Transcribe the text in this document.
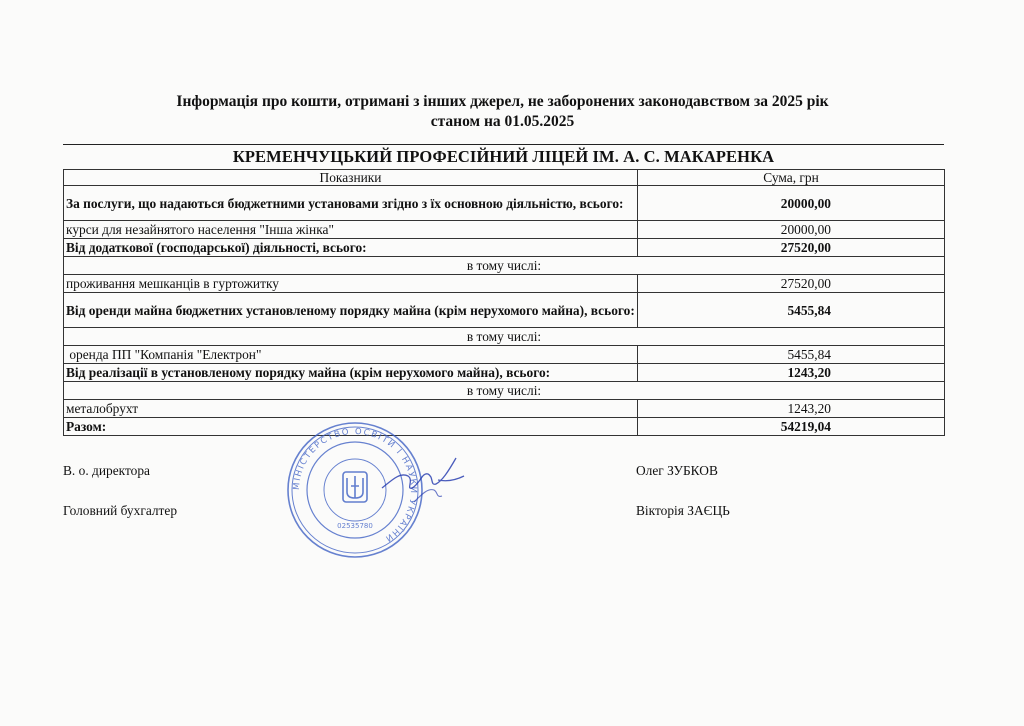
Інформація про кошти, отримані з інших джерел, не заборонених законодавством за 2025 рік
станом на 01.05.2025
КРЕМЕНЧУЦЬКИЙ ПРОФЕСІЙНИЙ ЛІЦЕЙ ІМ. А. С. МАКАРЕНКА
Показники	Сума, грн
За послуги, що надаються бюджетними установами згідно з їх основною діяльністю, всього:	20000,00
курси для незайнятого населення "Інша жінка"	20000,00
Від додаткової (господарської) діяльності, всього:	27520,00
в тому числі:	
проживання мешканців в гуртожитку	27520,00
Від оренди майна бюджетних установленому порядку майна (крім нерухомого майна), всього:	5455,84
в тому числі:	
оренда ПП "Компанія "Електрон"	5455,84
Від реалізації в установленому порядку майна (крім нерухомого майна), всього:	1243,20
в тому числі:	
металобрухт	1243,20
Разом:	54219,04
В. о. директора	Олег ЗУБКОВ
Головний бухгалтер	Вікторія ЗАЄЦЬ
МІНІСТЕРСТВО ОСВІТИ І НАУКИ УКРАЇНИ
02535780
